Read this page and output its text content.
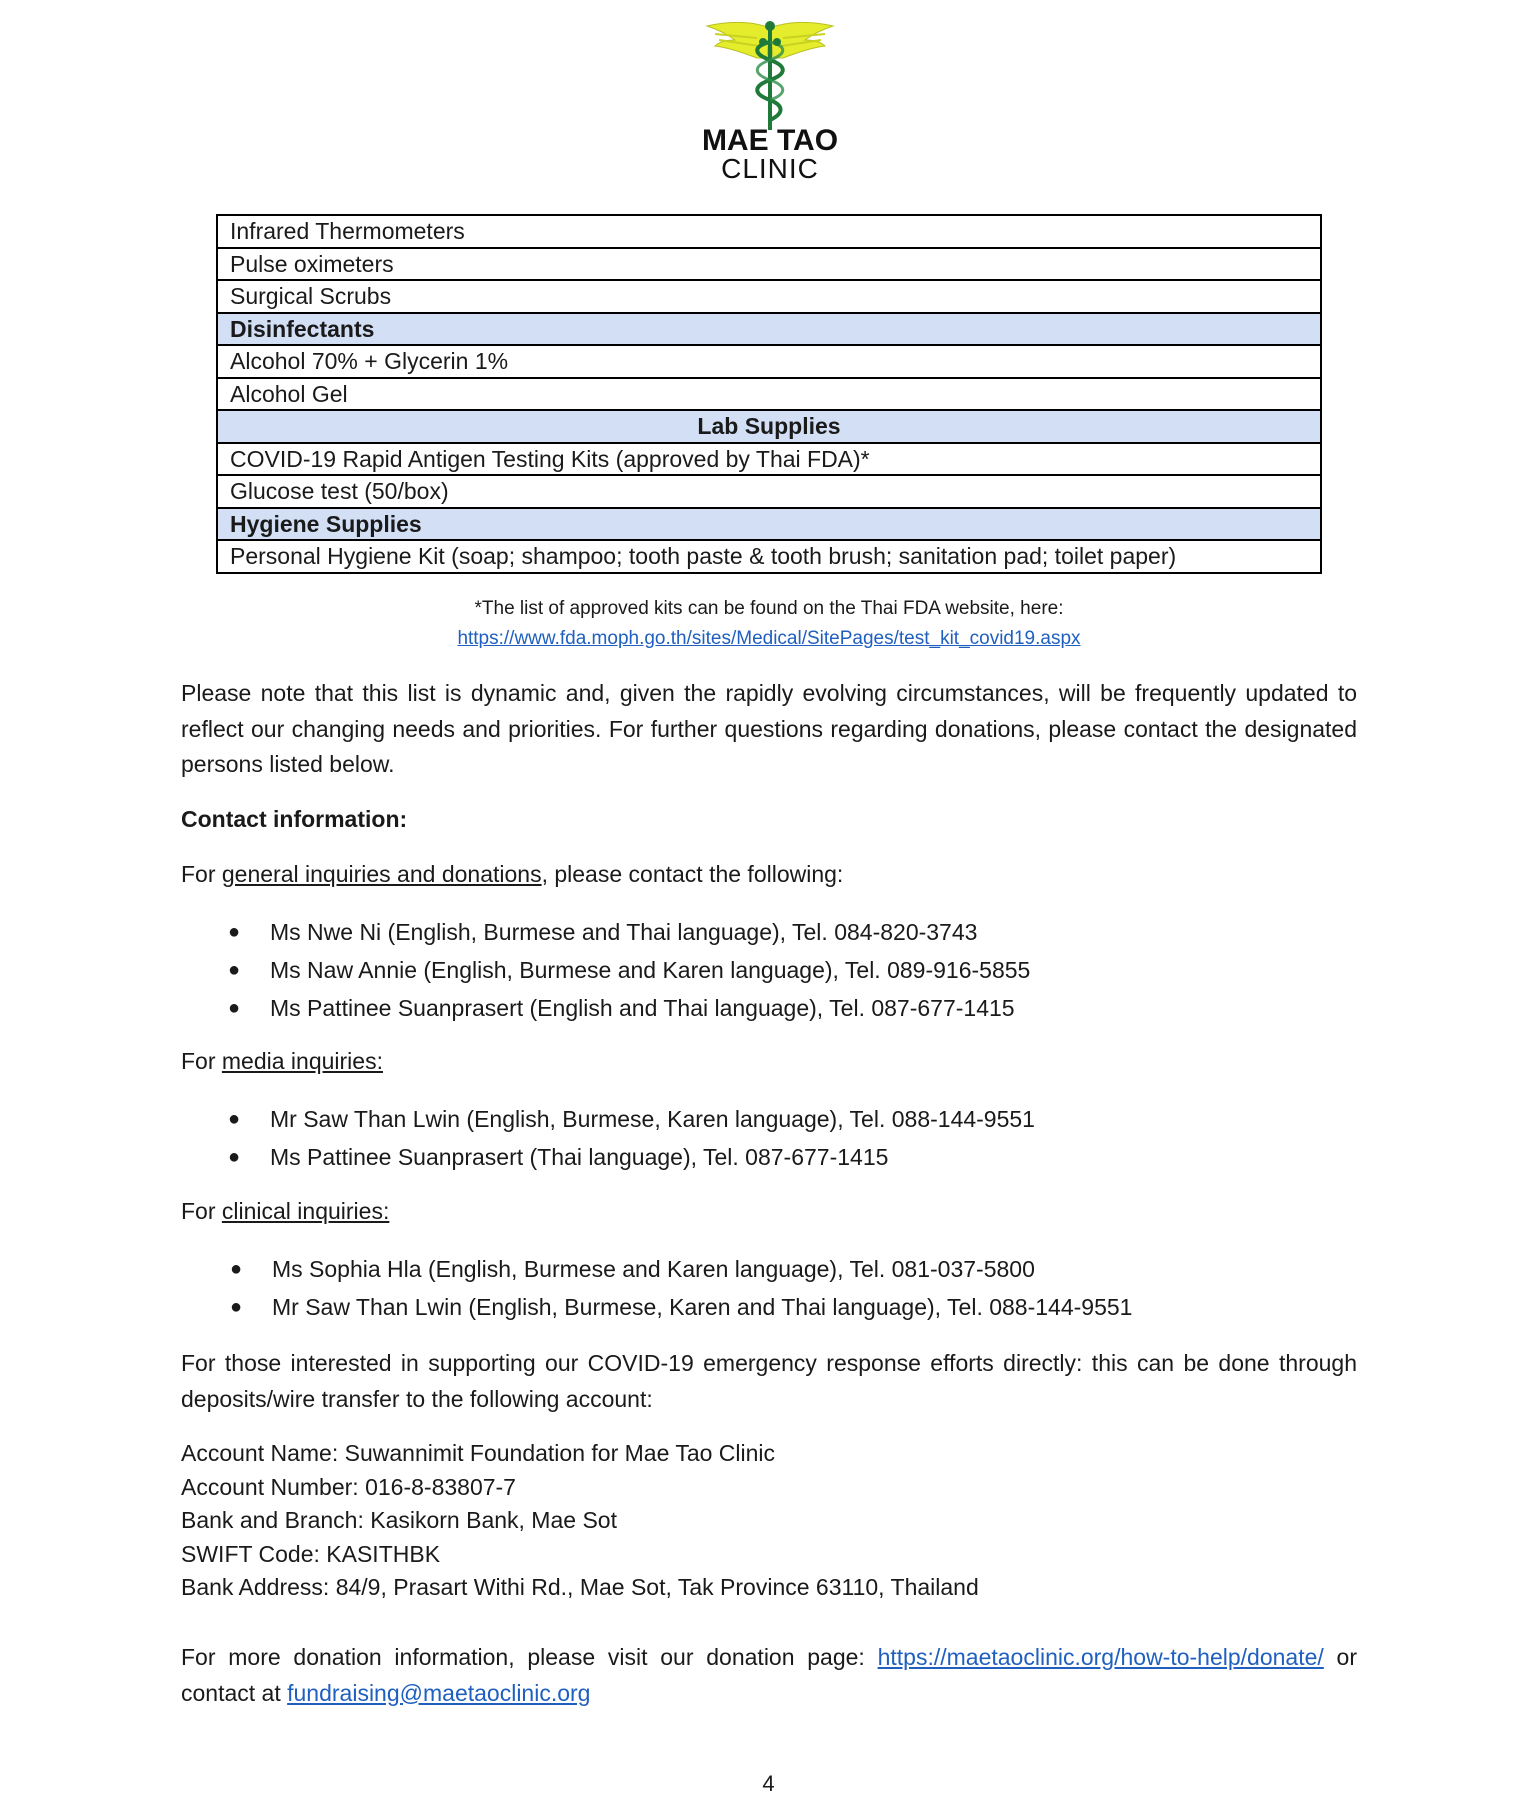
MAE TAO
CLINIC
Infrared Thermometers
Pulse oximeters
Surgical Scrubs
Disinfectants
Alcohol 70% + Glycerin 1%
Alcohol Gel
Lab Supplies
COVID-19 Rapid Antigen Testing Kits (approved by Thai FDA)*
Glucose test (50/box)
Hygiene Supplies
Personal Hygiene Kit (soap; shampoo; tooth paste & tooth brush; sanitation pad; toilet paper)
*The list of approved kits can be found on the Thai FDA website, here:
https://www.fda.moph.go.th/sites/Medical/SitePages/test_kit_covid19.aspx
Please note that this list is dynamic and, given the rapidly evolving circumstances, will be frequently updated to reflect our changing needs and priorities. For further questions regarding donations, please contact the designated persons listed below.
Contact information:
For general inquiries and donations, please contact the following:
● Ms Nwe Ni (English, Burmese and Thai language), Tel. 084-820-3743
● Ms Naw Annie (English, Burmese and Karen language), Tel. 089-916-5855
● Ms Pattinee Suanprasert (English and Thai language), Tel. 087-677-1415
For media inquiries:
● Mr Saw Than Lwin (English, Burmese, Karen language), Tel. 088-144-9551
● Ms Pattinee Suanprasert (Thai language), Tel. 087-677-1415
For clinical inquiries:
● Ms Sophia Hla (English, Burmese and Karen language), Tel. 081-037-5800
● Mr Saw Than Lwin (English, Burmese, Karen and Thai language), Tel. 088-144-9551
For those interested in supporting our COVID-19 emergency response efforts directly: this can be done through deposits/wire transfer to the following account:
Account Name: Suwannimit Foundation for Mae Tao Clinic
Account Number: 016-8-83807-7
Bank and Branch: Kasikorn Bank, Mae Sot
SWIFT Code: KASITHBK
Bank Address: 84/9, Prasart Withi Rd., Mae Sot, Tak Province 63110, Thailand
For more donation information, please visit our donation page: https://maetaoclinic.org/how-to-help/donate/ or contact at fundraising@maetaoclinic.org
4
